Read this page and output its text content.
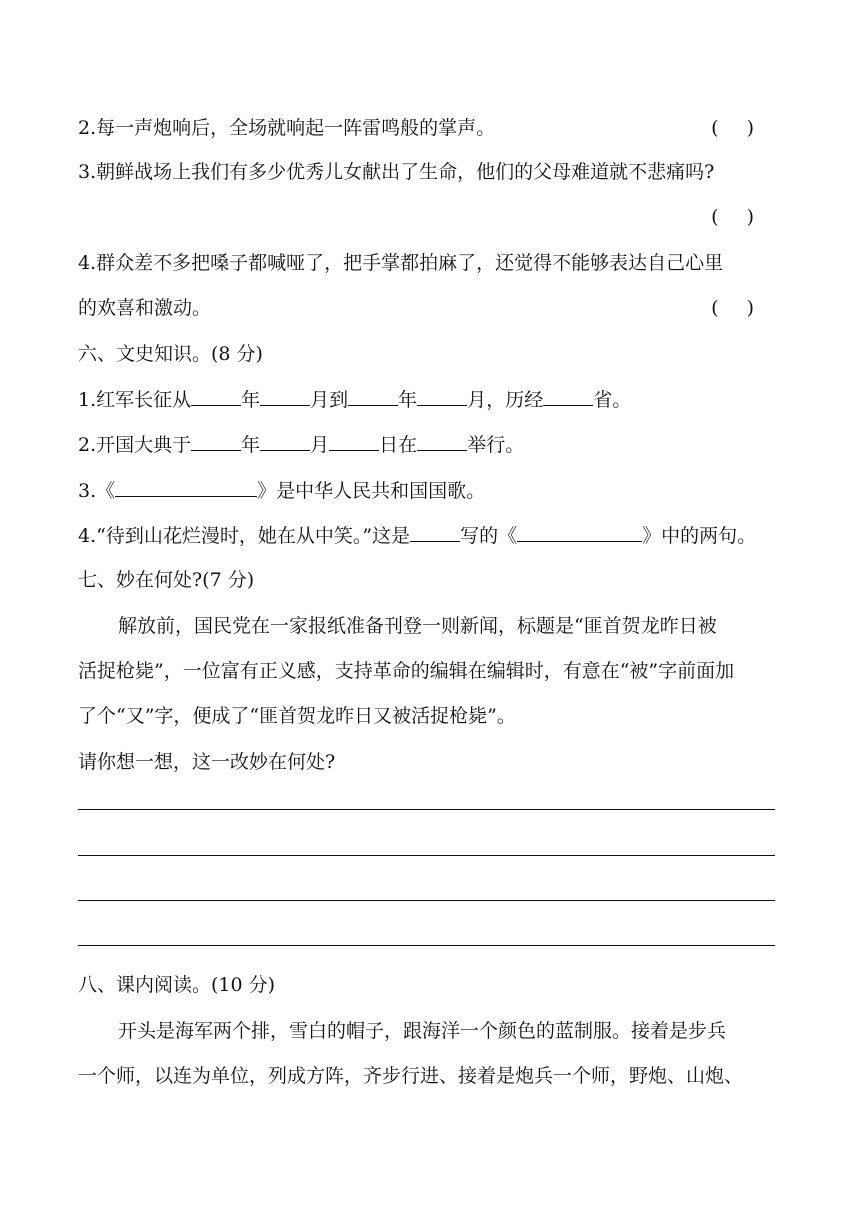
2.每一声炮响后，全场就响起一阵雷鸣般的掌声。	()
3.朝鲜战场上我们有多少优秀儿女献出了生命，他们的父母难道就不悲痛吗?
()
4.群众差不多把嗓子都喊哑了，把手掌都拍麻了，还觉得不能够表达自己心里
的欢喜和激动。	()
六、文史知识。(8 分)
1.红军长征从	年	月到	年	月，历经	省。
2.开国大典于	年	月	日在	举行。
3.《	》是中华人民共和国国歌。
4.“待到山花烂漫时，她在从中笑。”这是	写的《	》中的两句。
七、妙在何处?(7 分)
解放前，国民党在一家报纸准备刊登一则新闻，标题是“匪首贺龙昨日被
活捉枪毙”，一位富有正义感，支持革命的编辑在编辑时，有意在“被”字前面加
了个“又”字，便成了“匪首贺龙昨日又被活捉枪毙”。
请你想一想，这一改妙在何处?
八、课内阅读。(10 分)
开头是海军两个排，雪白的帽子，跟海洋一个颜色的蓝制服。接着是步兵
一个师，以连为单位，列成方阵，齐步行进、接着是炮兵一个师，野炮、山炮、
